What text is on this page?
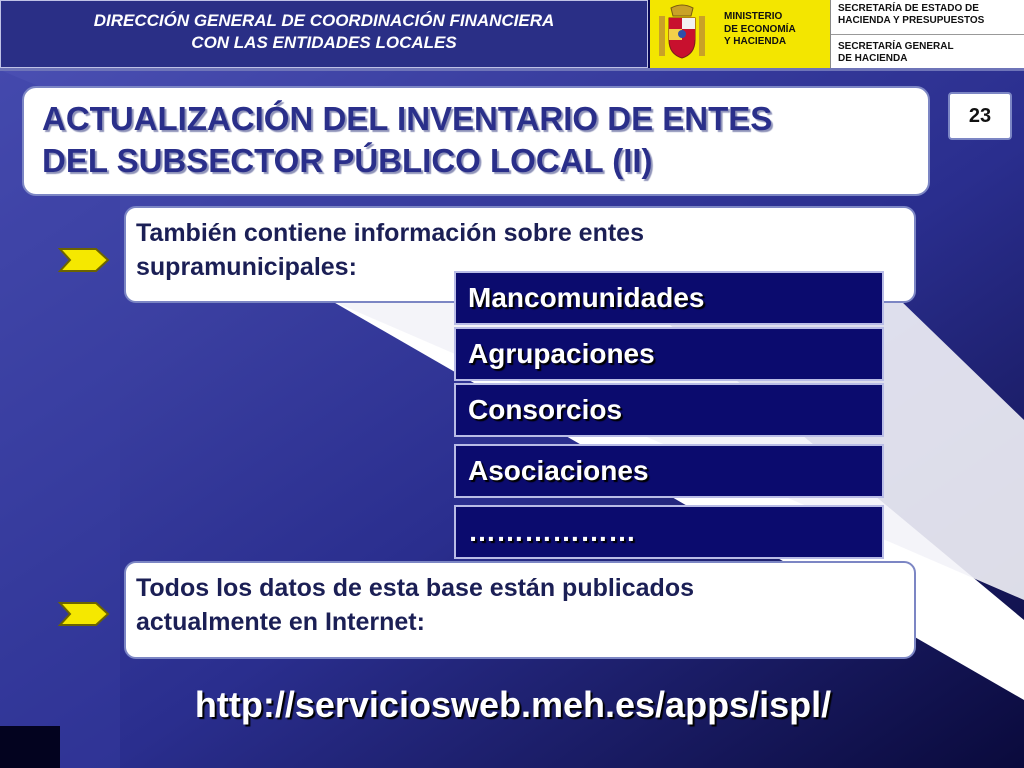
DIRECCIÓN GENERAL DE COORDINACIÓN FINANCIERA
CON LAS ENTIDADES LOCALES
MINISTERIO
DE ECONOMÍA
Y HACIENDA
SECRETARÍA DE ESTADO DE
HACIENDA Y PRESUPUESTOS
SECRETARÍA GENERAL
DE HACIENDA
ACTUALIZACIÓN DEL INVENTARIO DE ENTES
DEL SUBSECTOR PÚBLICO LOCAL (II)
23
También contiene información sobre entes
supramunicipales:
Mancomunidades
Agrupaciones
Consorcios
Asociaciones
………………
Todos los datos de esta base están publicados
actualmente en Internet:
http://serviciosweb.meh.es/apps/ispl/
